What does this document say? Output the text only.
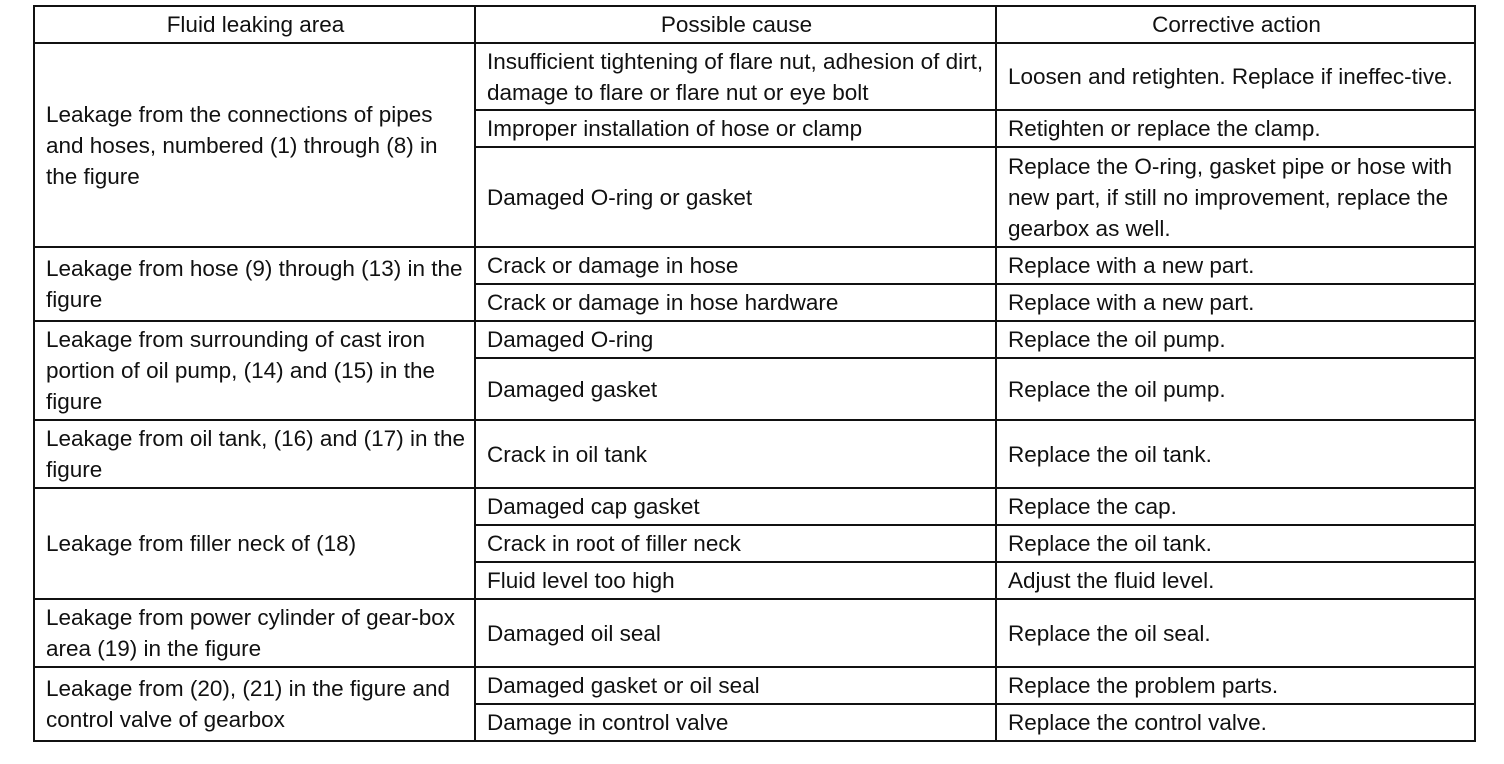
Fluid leaking area	Possible cause	Corrective action
Leakage from the connections of pipes and hoses, numbered (1) through (8) in the figure	Insufficient tightening of flare nut, adhesion of dirt, damage to flare or flare nut or eye bolt	Loosen and retighten. Replace if ineffec-tive.
	Improper installation of hose or clamp	Retighten or replace the clamp.
	Damaged O-ring or gasket	Replace the O-ring, gasket pipe or hose with new part, if still no improvement, replace the gearbox as well.
Leakage from hose (9) through (13) in the figure	Crack or damage in hose	Replace with a new part.
	Crack or damage in hose hardware	Replace with a new part.
Leakage from surrounding of cast iron portion of oil pump, (14) and (15) in the figure	Damaged O-ring	Replace the oil pump.
	Damaged gasket	Replace the oil pump.
Leakage from oil tank, (16) and (17) in the figure	Crack in oil tank	Replace the oil tank.
Leakage from filler neck of (18)	Damaged cap gasket	Replace the cap.
	Crack in root of filler neck	Replace the oil tank.
	Fluid level too high	Adjust the fluid level.
Leakage from power cylinder of gear-box area (19) in the figure	Damaged oil seal	Replace the oil seal.
Leakage from (20), (21) in the figure and control valve of gearbox	Damaged gasket or oil seal	Replace the problem parts.
	Damage in control valve	Replace the control valve.
